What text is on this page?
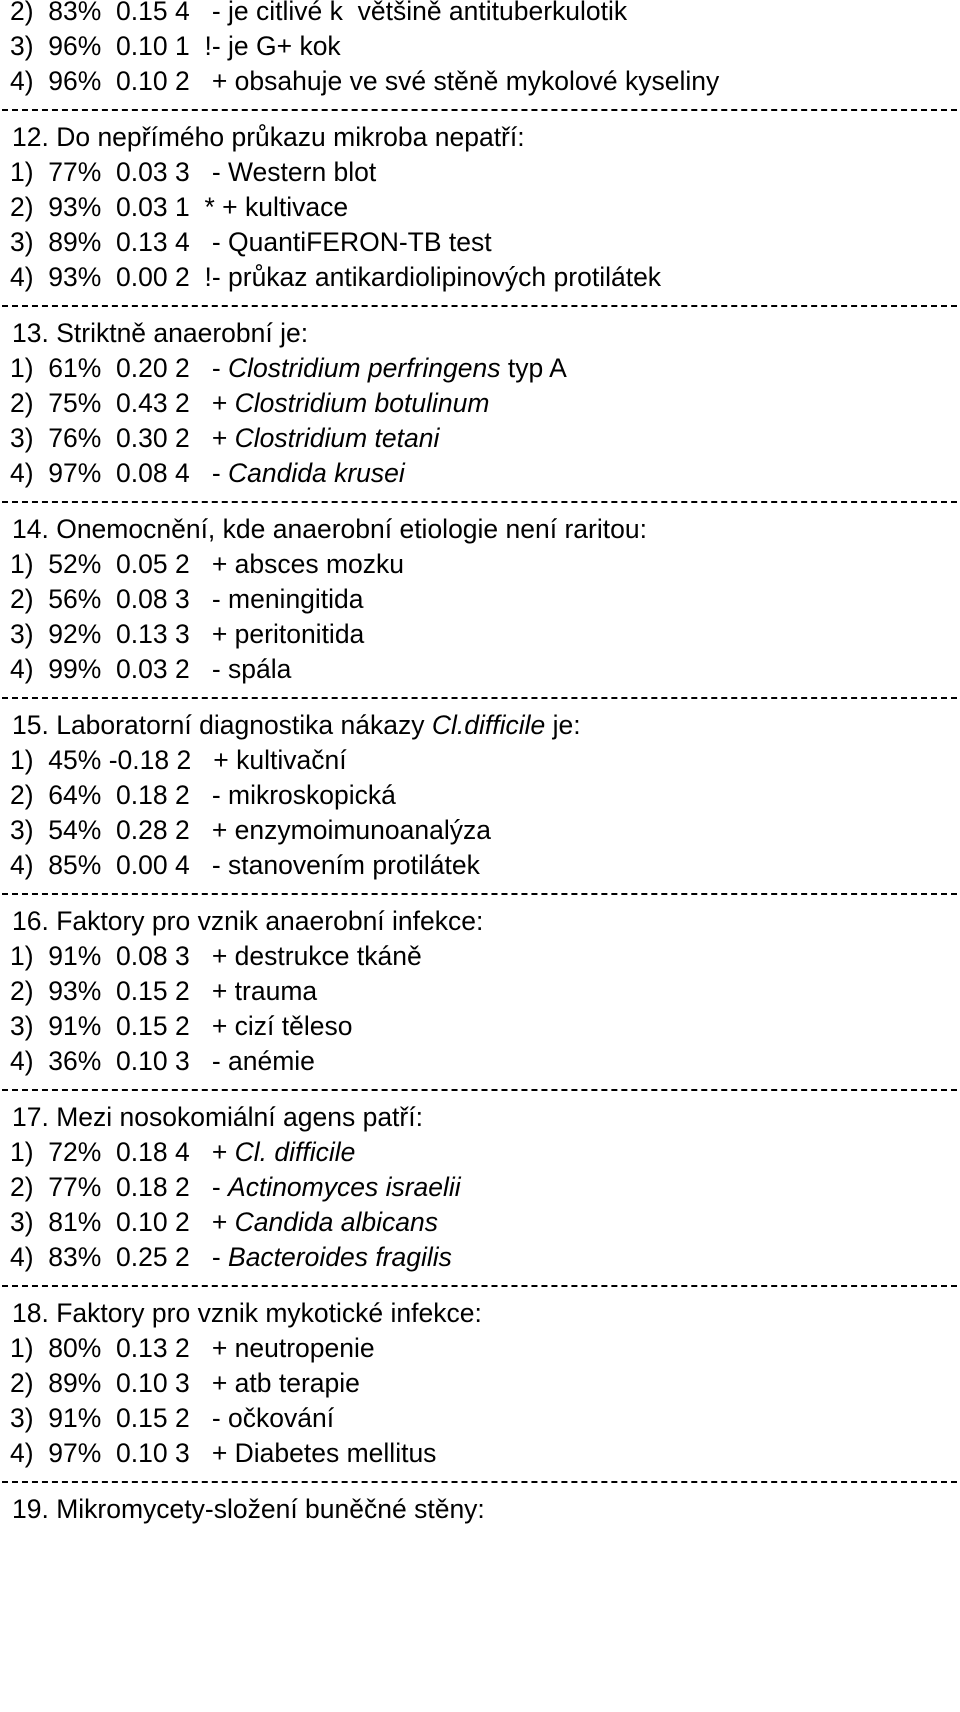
2)  83%  0.15 4   - je citlivé k  většině antituberkulotik
3)  96%  0.10 1  !- je G+ kok
4)  96%  0.10 2   + obsahuje ve své stěně mykolové kyseliny
12. Do nepřímého průkazu mikroba nepatří:
1)  77%  0.03 3   - Western blot
2)  93%  0.03 1  * + kultivace
3)  89%  0.13 4   - QuantiFERON-TB test
4)  93%  0.00 2  !- průkaz antikardiolipinových protilátek
13. Striktně anaerobní je:
1)  61%  0.20 2   - Clostridium perfringens typ A
2)  75%  0.43 2   + Clostridium botulinum
3)  76%  0.30 2   + Clostridium tetani
4)  97%  0.08 4   - Candida krusei
14. Onemocnění, kde anaerobní etiologie není raritou:
1)  52%  0.05 2   + absces mozku
2)  56%  0.08 3   - meningitida
3)  92%  0.13 3   + peritonitida
4)  99%  0.03 2   - spála
15. Laboratorní diagnostika nákazy Cl.difficile je:
1)  45% -0.18 2   + kultivační
2)  64%  0.18 2   - mikroskopická
3)  54%  0.28 2   + enzymoimunoanalýza
4)  85%  0.00 4   - stanovením protilátek
16. Faktory pro vznik anaerobní infekce:
1)  91%  0.08 3   + destrukce tkáně
2)  93%  0.15 2   + trauma
3)  91%  0.15 2   + cizí těleso
4)  36%  0.10 3   - anémie
17. Mezi nosokomiální agens patří:
1)  72%  0.18 4   + Cl. difficile
2)  77%  0.18 2   - Actinomyces israelii
3)  81%  0.10 2   + Candida albicans
4)  83%  0.25 2   - Bacteroides fragilis
18. Faktory pro vznik mykotické infekce:
1)  80%  0.13 2   + neutropenie
2)  89%  0.10 3   + atb terapie
3)  91%  0.15 2   - očkování
4)  97%  0.10 3   + Diabetes mellitus
19. Mikromycety-složení buněčné stěny:
